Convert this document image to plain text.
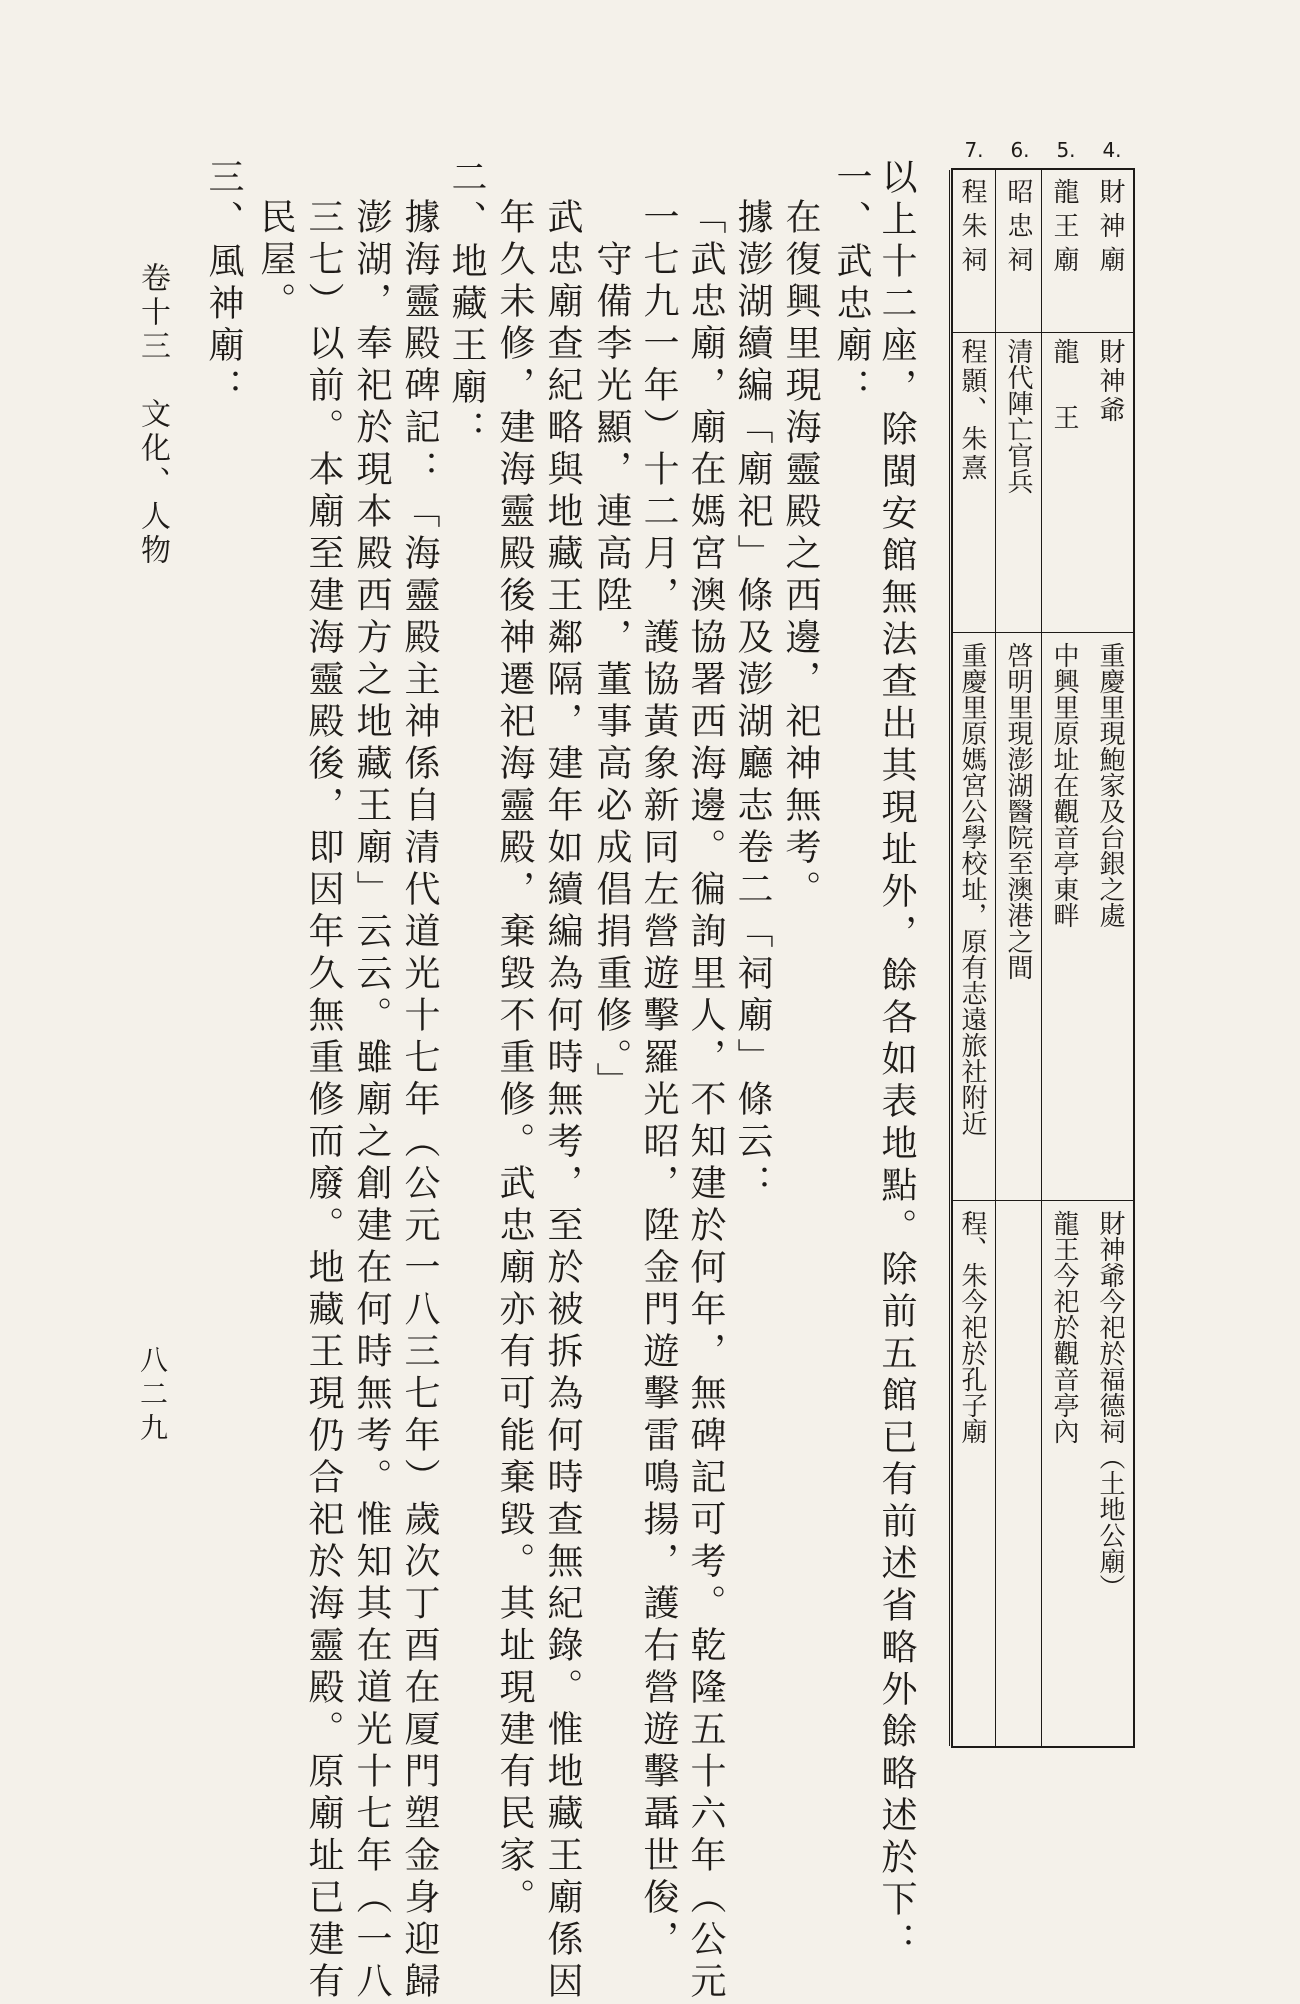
財神廟
財神爺
重慶里現鮑家及台銀之處
財神爺今祀於福德祠（土地公廟）
龍王廟
龍王
中興里原址在觀音亭東畔
龍王今祀於觀音亭內
昭忠祠
清代陣亡官兵
啓明里現澎湖醫院至澳港之間
程朱祠
程顥、朱熹
重慶里原媽宮公學校址，原有志遠旅社附近
程、朱今祀於孔子廟
4.
5.
6.
7.
以上十二座，除閩安館無法查出其現址外，餘各如表地點。除前五館已有前述省略外餘略述於下：
一、武忠廟：
在復興里現海靈殿之西邊，祀神無考。
據澎湖續編「廟祀」條及澎湖廳志卷二「祠廟」條云：
「武忠廟，廟在媽宮澳協署西海邊。徧詢里人，不知建於何年，無碑記可考。乾隆五十六年（公元
一七九一年）十二月，護協黃象新同左營遊擊羅光昭，陞金門遊擊雷鳴揚，護右營遊擊聶世俊，
守備李光顯，連高陞，董事高必成倡捐重修。」
武忠廟查紀略與地藏王鄰隔，建年如續編為何時無考，至於被拆為何時查無紀錄。惟地藏王廟係因
年久未修，建海靈殿後神遷祀海靈殿，棄毀不重修。武忠廟亦有可能棄毀。其址現建有民家。
二、地藏王廟：
據海靈殿碑記：「海靈殿主神係自清代道光十七年（公元一八三七年）歲次丁酉在厦門塑金身迎歸
澎湖，奉祀於現本殿西方之地藏王廟」云云。雖廟之創建在何時無考。惟知其在道光十七年（一八
三七）以前。本廟至建海靈殿後，即因年久無重修而廢。地藏王現仍合祀於海靈殿。原廟址已建有
民屋。
三、風神廟：
卷十三　文化、人物
八二九
